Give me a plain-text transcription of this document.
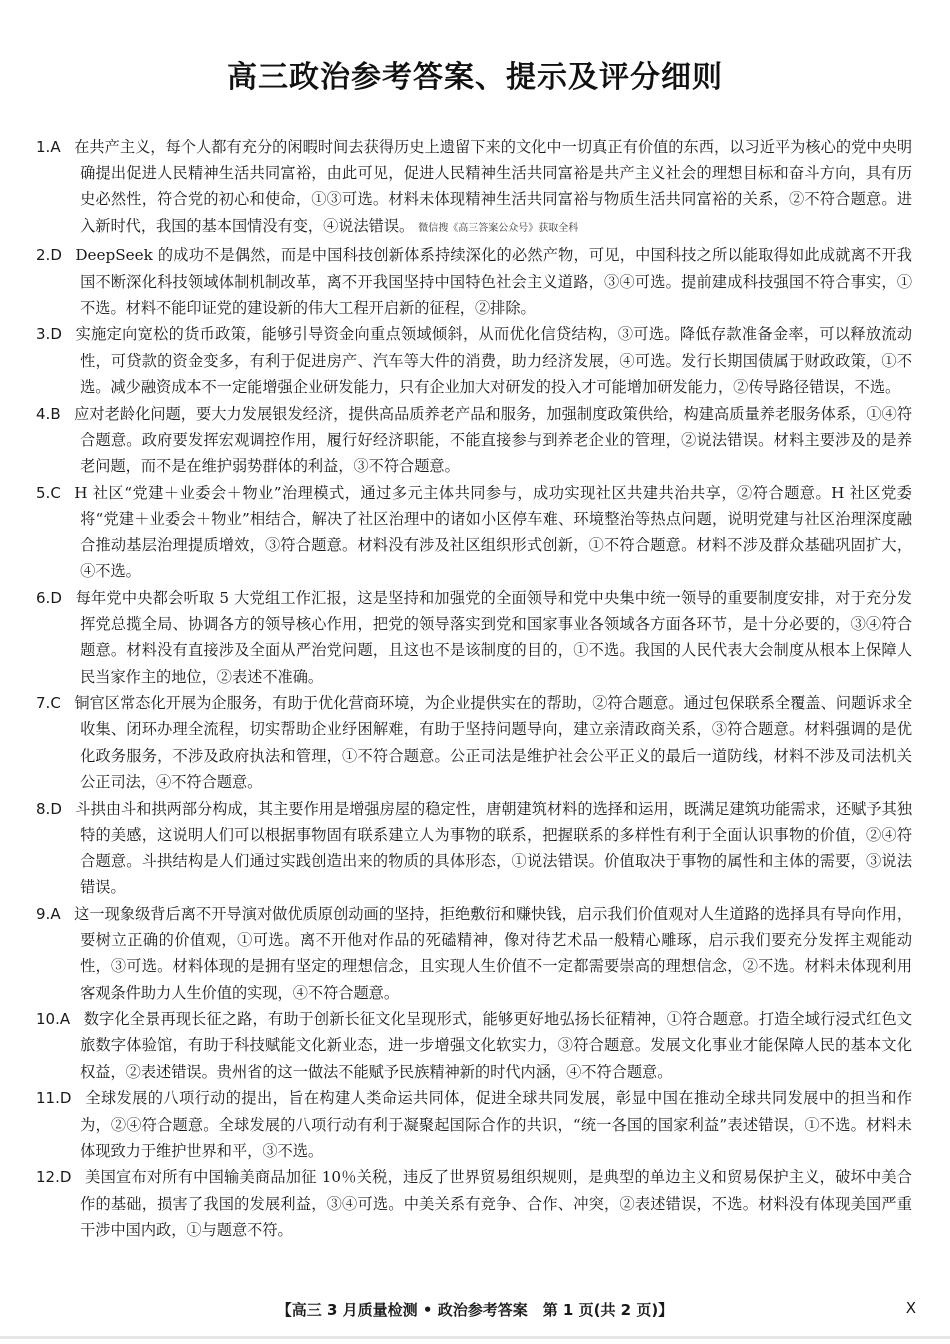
高三政治参考答案、提示及评分细则
1.A 在共产主义，每个人都有充分的闲暇时间去获得历史上遗留下来的文化中一切真正有价值的东西，以习近平为核心的党中央明确提出促进人民精神生活共同富裕，由此可见，促进人民精神生活共同富裕是共产主义社会的理想目标和奋斗方向，具有历史必然性，符合党的初心和使命，①③可选。材料未体现精神生活共同富裕与物质生活共同富裕的关系，②不符合题意。进入新时代，我国的基本国情没有变，④说法错误。 微信搜《高三答案公众号》获取全科
2.D DeepSeek 的成功不是偶然，而是中国科技创新体系持续深化的必然产物，可见，中国科技之所以能取得如此成就离不开我国不断深化科技领域体制机制改革，离不开我国坚持中国特色社会主义道路，③④可选。提前建成科技强国不符合事实，①不选。材料不能印证党的建设新的伟大工程开启新的征程，②排除。
3.D 实施定向宽松的货币政策，能够引导资金向重点领域倾斜，从而优化信贷结构，③可选。降低存款准备金率，可以释放流动性，可贷款的资金变多，有利于促进房产、汽车等大件的消费，助力经济发展，④可选。发行长期国债属于财政政策，①不选。减少融资成本不一定能增强企业研发能力，只有企业加大对研发的投入才可能增加研发能力，②传导路径错误，不选。
4.B 应对老龄化问题，要大力发展银发经济，提供高品质养老产品和服务，加强制度政策供给，构建高质量养老服务体系，①④符合题意。政府要发挥宏观调控作用，履行好经济职能，不能直接参与到养老企业的管理，②说法错误。材料主要涉及的是养老问题，而不是在维护弱势群体的利益，③不符合题意。
5.C H 社区“党建＋业委会＋物业”治理模式，通过多元主体共同参与，成功实现社区共建共治共享，②符合题意。H 社区党委将“党建＋业委会＋物业”相结合，解决了社区治理中的诸如小区停车难、环境整治等热点问题，说明党建与社区治理深度融合推动基层治理提质增效，③符合题意。材料没有涉及社区组织形式创新，①不符合题意。材料不涉及群众基础巩固扩大，④不选。
6.D 每年党中央都会听取 5 大党组工作汇报，这是坚持和加强党的全面领导和党中央集中统一领导的重要制度安排，对于充分发挥党总揽全局、协调各方的领导核心作用，把党的领导落实到党和国家事业各领域各方面各环节，是十分必要的，③④符合题意。材料没有直接涉及全面从严治党问题，且这也不是该制度的目的，①不选。我国的人民代表大会制度从根本上保障人民当家作主的地位，②表述不准确。
7.C 铜官区常态化开展为企服务，有助于优化营商环境，为企业提供实在的帮助，②符合题意。通过包保联系全覆盖、问题诉求全收集、闭环办理全流程，切实帮助企业纾困解难，有助于坚持问题导向，建立亲清政商关系，③符合题意。材料强调的是优化政务服务，不涉及政府执法和管理，①不符合题意。公正司法是维护社会公平正义的最后一道防线，材料不涉及司法机关公正司法，④不符合题意。
8.D 斗拱由斗和拱两部分构成，其主要作用是增强房屋的稳定性，唐朝建筑材料的选择和运用，既满足建筑功能需求，还赋予其独特的美感，这说明人们可以根据事物固有联系建立人为事物的联系，把握联系的多样性有利于全面认识事物的价值，②④符合题意。斗拱结构是人们通过实践创造出来的物质的具体形态，①说法错误。价值取决于事物的属性和主体的需要，③说法错误。
9.A 这一现象级背后离不开导演对做优质原创动画的坚持，拒绝敷衍和赚快钱，启示我们价值观对人生道路的选择具有导向作用，要树立正确的价值观，①可选。离不开他对作品的死磕精神，像对待艺术品一般精心雕琢，启示我们要充分发挥主观能动性，③可选。材料体现的是拥有坚定的理想信念，且实现人生价值不一定都需要崇高的理想信念，②不选。材料未体现利用客观条件助力人生价值的实现，④不符合题意。
10.A 数字化全景再现长征之路，有助于创新长征文化呈现形式，能够更好地弘扬长征精神，①符合题意。打造全域行浸式红色文旅数字体验馆，有助于科技赋能文化新业态，进一步增强文化软实力，③符合题意。发展文化事业才能保障人民的基本文化权益，②表述错误。贵州省的这一做法不能赋予民族精神新的时代内涵，④不符合题意。
11.D 全球发展的八项行动的提出，旨在构建人类命运共同体，促进全球共同发展，彰显中国在推动全球共同发展中的担当和作为，②④符合题意。全球发展的八项行动有利于凝聚起国际合作的共识，“统一各国的国家利益”表述错误，①不选。材料未体现致力于维护世界和平，③不选。
12.D 美国宣布对所有中国输美商品加征 10％关税，违反了世界贸易组织规则，是典型的单边主义和贸易保护主义，破坏中美合作的基础，损害了我国的发展利益，③④可选。中美关系有竞争、合作、冲突，②表述错误，不选。材料没有体现美国严重干涉中国内政，①与题意不符。
【高三 3 月质量检测 • 政治参考答案　第 1 页(共 2 页)】	X
